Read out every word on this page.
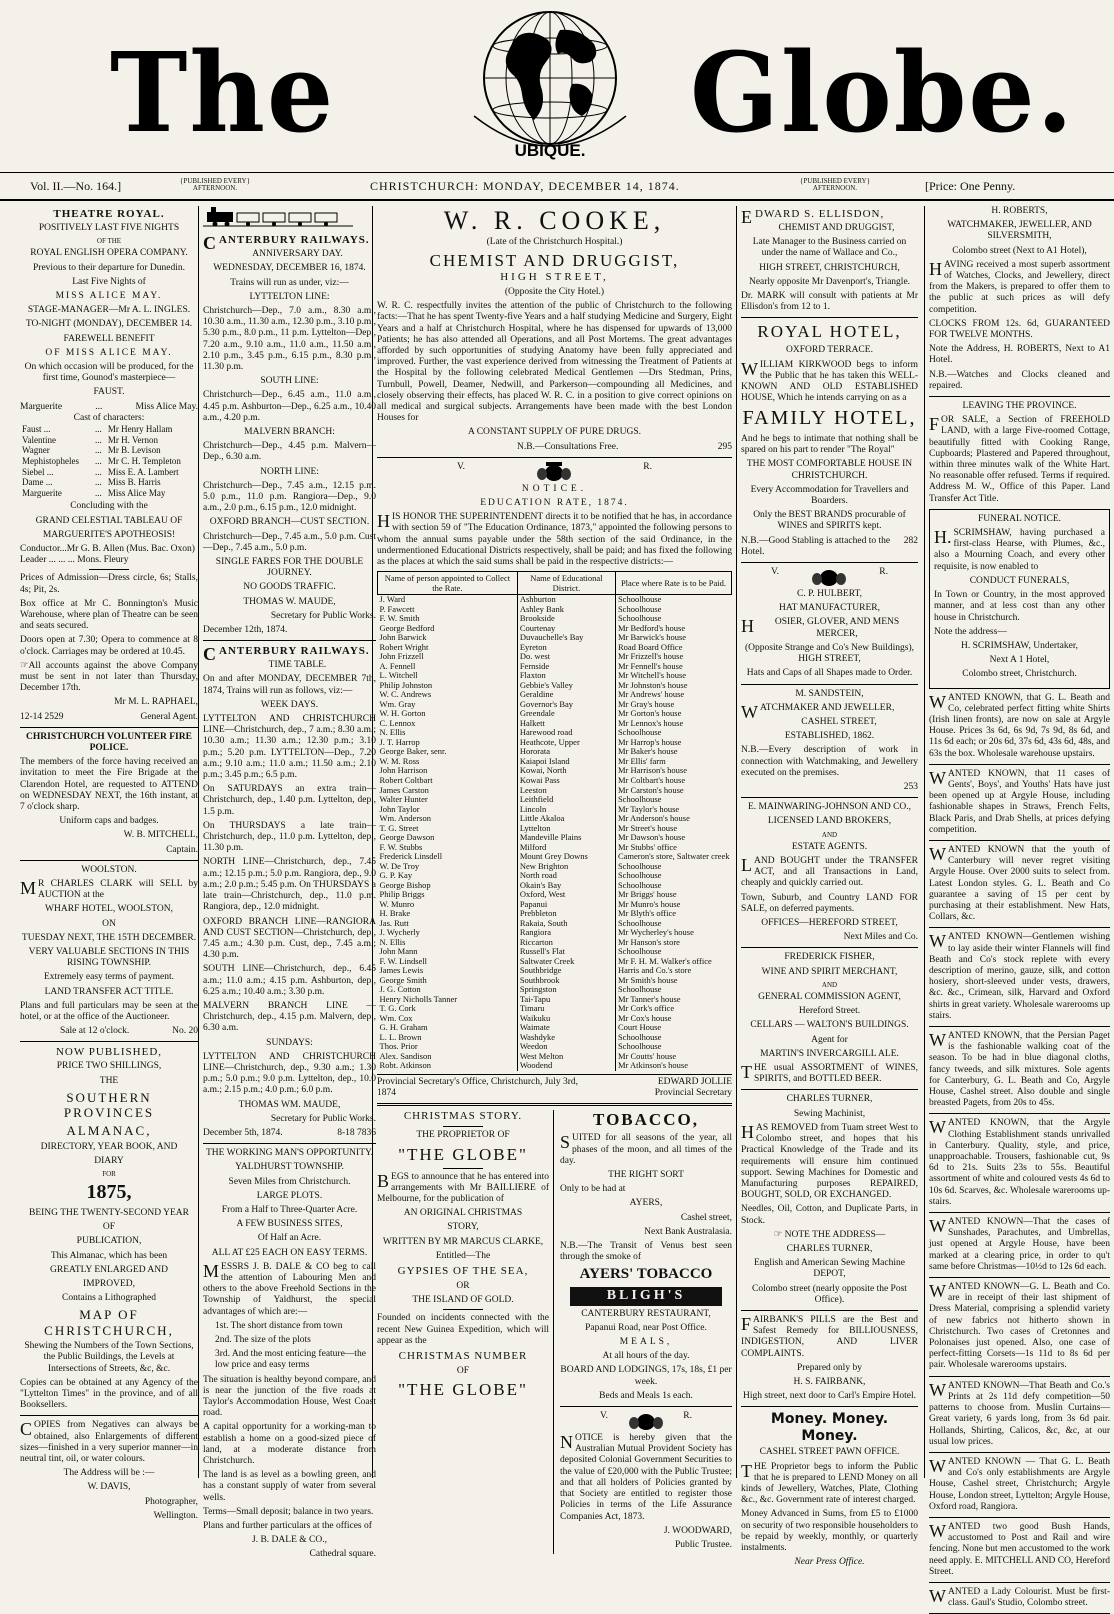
The	UBIQUE. Globe.
Vol. II.—No. 164.]	{PUBLISHED EVERY} AFTERNOON.	CHRISTCHURCH: MONDAY, DECEMBER 14, 1874.	{PUBLISHED EVERY} AFTERNOON.	[Price: One Penny.
THEATRE ROYAL.

POSITIVELY LAST FIVE NIGHTS

OF THE

ROYAL ENGLISH OPERA COMPANY.

Previous to their departure for Dunedin.

Last Five Nights of

MISS ALICE MAY.

STAGE-MANAGER—Mr A. L. INGLES.

TO-NIGHT (MONDAY), DECEMBER 14.

FAREWELL BENEFIT

OF MISS ALICE MAY.

On which occasion will be produced, for the first time, Gounod's masterpiece—

FAUST.

Marguerite	...	Miss Alice May.
Cast of characters:
Faust ...	...	Mr Henry Hallam
Valentine	...	Mr H. Vernon
Wagner	...	Mr B. Levison
Mephistopheles	...	Mr C. H. Templeton
Siebel ...	...	Miss E. A. Lambert
Dame ...	...	Miss B. Harris
Marguerite	...	Miss Alice May

Concluding with the

GRAND CELESTIAL TABLEAU OF

MARGUERITE'S APOTHEOSIS!

Conductor...Mr G. B. Allen (Mus. Bac. Oxon) Leader ... ... ... Mons. Fleury

Prices of Admission—Dress circle, 6s; Stalls, 4s; Pit, 2s.

Box office at Mr C. Bonnington's Music Warehouse, where plan of Theatre can be seen and seats secured.

Doors open at 7.30; Opera to commence at 8 o'clock. Carriages may be ordered at 10.45.

☞All accounts against the above Company must be sent in not later than Thursday, December 17th.

Mr M. L. RAPHAEL,

12-14 2529	General Agent.

CHRISTCHURCH VOLUNTEER FIRE POLICE.

The members of the force having received an invitation to meet the Fire Brigade at the Clarendon Hotel, are requested to ATTEND on WEDNESDAY NEXT, the 16th instant, at 7 o'clock sharp.

Uniform caps and badges.

W. B. MITCHELL,

Captain.

WOOLSTON.

MR CHARLES CLARK will SELL by AUCTION at the

WHARF HOTEL, WOOLSTON,

ON

TUESDAY NEXT, THE 15TH DECEMBER.

VERY VALUABLE SECTIONS IN THIS RISING TOWNSHIP.

Extremely easy terms of payment.

LAND TRANSFER ACT TITLE.

Plans and full particulars may be seen at the hotel, or at the office of the Auctioneer.

Sale at 12 o'clock.	No. 20

NOW PUBLISHED,

PRICE TWO SHILLINGS,

THE

SOUTHERN PROVINCES

ALMANAC,

DIRECTORY, YEAR BOOK, AND

DIARY

FOR

1875,

BEING THE TWENTY-SECOND YEAR

OF

PUBLICATION,

This Almanac, which has been

GREATLY ENLARGED AND

IMPROVED,

Contains a Lithographed

MAP OF CHRISTCHURCH,

Shewing the Numbers of the Town Sections, the Public Buildings, the Levels at Intersections of Streets, &c, &c.

Copies can be obtained at any Agency of the "Lyttelton Times" in the province, and of all Booksellers.

COPIES from Negatives can always be obtained, also Enlargements of different sizes—finished in a very superior manner—in neutral tint, oil, or water colours.

The Address will be :—

W. DAVIS,

Photographer,

Wellington.

CANTERBURY RAILWAYS.

ANNIVERSARY DAY.

WEDNESDAY, DECEMBER 16, 1874.

Trains will run as under, viz:—

LYTTELTON LINE:

Christchurch—Dep., 7.0 a.m., 8.30 a.m., 10.30 a.m., 11.30 a.m., 12.30 p.m., 3.10 p.m., 5.30 p.m., 8.0 p.m., 11 p.m. Lyttelton—Dep., 7.20 a.m., 9.10 a.m., 11.0 a.m., 11.50 a.m., 2.10 p.m., 3.45 p.m., 6.15 p.m., 8.30 p.m., 11.30 p.m.

SOUTH LINE:

Christchurch—Dep., 6.45 a.m., 11.0 a.m., 4.45 p.m. Ashburton—Dep., 6.25 a.m., 10.40 a.m., 4.20 p.m.

MALVERN BRANCH:

Christchurch—Dep., 4.45 p.m. Malvern—Dep., 6.30 a.m.

NORTH LINE:

Christchurch—Dep., 7.45 a.m., 12.15 p.m. 5.0 p.m., 11.0 p.m. Rangiora—Dep., 9.0 a.m., 2.0 p.m., 6.15 p.m., 12.0 midnight.

OXFORD BRANCH—CUST SECTION.

Christchurch—Dep., 7.45 a.m., 5.0 p.m. Cust—Dep., 7.45 a.m., 5.0 p.m.

SINGLE FARES FOR THE DOUBLE JOURNEY.

NO GOODS TRAFFIC.

THOMAS W. MAUDE,

Secretary for Public Works.

December 12th, 1874.

CANTERBURY RAILWAYS.

TIME TABLE.

On and after MONDAY, DECEMBER 7th, 1874, Trains will run as follows, viz:—

WEEK DAYS.

LYTTELTON AND CHRISTCHURCH LINE—Christchurch, dep., 7 a.m.; 8.30 a.m.; 10.30 a.m.; 11.30 a.m.; 12.30 p.m.; 3.10 p.m.; 5.20 p.m. LYTTELTON—Dep., 7.20 a.m.; 9.10 a.m.; 11.0 a.m.; 11.50 a.m.; 2.10 p.m.; 3.45 p.m.; 6.5 p.m.

On SATURDAYS an extra train—Christchurch, dep., 1.40 p.m. Lyttelton, dep., 1.5 p.m.

On THURSDAYS a late train—Christchurch, dep., 11.0 p.m. Lyttelton, dep., 11.30 p.m.

NORTH LINE—Christchurch, dep., 7.45 a.m.; 12.15 p.m.; 5.0 p.m. Rangiora, dep., 9.0 a.m.; 2.0 p.m.; 5.45 p.m. On THURSDAYS a late train—Christchurch, dep., 11.0 p.m. Rangiora, dep., 12.0 midnight.

OXFORD BRANCH LINE—RANGIORA AND CUST SECTION—Christchurch, dep., 7.45 a.m.; 4.30 p.m. Cust, dep., 7.45 a.m.; 4.30 p.m.

SOUTH LINE—Christchurch, dep., 6.45 a.m.; 11.0 a.m.; 4.15 p.m. Ashburton, dep., 6.25 a.m.; 10.40 a.m.; 3.30 p.m.

MALVERN BRANCH LINE — Christchurch, dep., 4.15 p.m. Malvern, dep., 6.30 a.m.

SUNDAYS:

LYTTELTON AND CHRISTCHURCH LINE—Christchurch, dep., 9.30 a.m.; 1.30 p.m.; 5.0 p.m.; 9.0 p.m. Lyttelton, dep., 10.0 a.m.; 2.15 p.m.; 4.0 p.m.; 6.0 p.m.

THOMAS WM. MAUDE,

Secretary for Public Works.

December 5th, 1874.	8-18 7836

THE WORKING MAN'S OPPORTUNITY.

YALDHURST TOWNSHIP.

Seven Miles from Christchurch.

LARGE PLOTS.

From a Half to Three-Quarter Acre.

A FEW BUSINESS SITES,

Of Half an Acre.

ALL AT £25 EACH ON EASY TERMS.

MESSRS J. B. DALE & CO beg to call the attention of Labouring Men and others to the above Freehold Sections in the Township of Yaldhurst, the special advantages of which are:—

1st. The short distance from town

2nd. The size of the plots

3rd. And the most enticing feature—the low price and easy terms

The situation is healthy beyond compare, and is near the junction of the five roads at Taylor's Accommodation House, West Coast road.

A capital opportunity for a working-man to establish a home on a good-sized piece of land, at a moderate distance from Christchurch.

The land is as level as a bowling green, and has a constant supply of water from several wells.

Terms—Small deposit; balance in two years.

Plans and further particulars at the offices of

J. B. DALE & CO.,

Cathedral square.

W. R. COOKE,

(Late of the Christchurch Hospital.)

CHEMIST AND DRUGGIST,

HIGH STREET,

(Opposite the City Hotel.)

W. R. C. respectfully invites the attention of the public of Christchurch to the following facts:—That he has spent Twenty-five Years and a half studying Medicine and Surgery, Eight Years and a half at Christchurch Hospital, where he has dispensed for upwards of 13,000 Patients; he has also attended all Operations, and all Post Mortems. The great advantages afforded by such opportunities of studying Anatomy have been fully appreciated and improved. Further, the vast experience derived from witnessing the Treatment of Patients at the Hospital by the following celebrated Medical Gentlemen —Drs Stedman, Prins, Turnbull, Powell, Deamer, Nedwill, and Parkerson—compounding all Medicines, and closely observing their effects, has placed W. R. C. in a position to give correct opinions on all medical and surgical subjects. Arrangements have been made with the best London Houses for

A CONSTANT SUPPLY OF PURE DRUGS.

N.B.—Consultations Free.	295
V.	R.

NOTICE.

EDUCATION RATE, 1874.

HIS HONOR THE SUPERINTENDENT directs it to be notified that he has, in accordance with section 59 of "The Education Ordinance, 1873," appointed the following persons to whom the annual sums payable under the 58th section of the said Ordinance, in the undermentioned Educational Districts respectively, shall be paid; and has fixed the following as the places at which the said sums shall be paid in the respective districts:—

Name of person appointed to Collect the Rate.	Name of Educational District.	Place where Rate is to be Paid.
J. Ward	Ashburton	Schoolhouse
P. Fawcett	Ashley Bank	Schoolhouse
F. W. Smith	Brookside	Schoolhouse
George Bedford	Courtenay	Mr Bedford's house
John Barwick	Duvauchelle's Bay	Mr Barwick's house
Robert Wright	Eyreton	Road Board Office
John Frizzell	Do. west	Mr Frizzell's house
A. Fennell	Fernside	Mr Fennell's house
L. Witchell	Flaxton	Mr Witchell's house
Philip Johnston	Gebbie's Valley	Mr Johnston's house
W. C. Andrews	Geraldine	Mr Andrews' house
Wm. Gray	Governor's Bay	Mr Gray's house
W. H. Gorton	Greendale	Mr Gorton's house
C. Lennox	Halkett	Mr Lennox's house
N. Ellis	Harewood road	Schoolhouse
J. T. Harrop	Heathcote, Upper	Mr Harrop's house
George Baker, senr.	Hororata	Mr Baker's house
W. M. Ross	Kaiapoi Island	Mr Ellis' farm
John Harrison	Kowai, North	Mr Harrison's house
Robert Coltbart	Kowai Pass	Mr Coltbart's house
James Carston	Leeston	Mr Carston's house
Walter Hunter	Leithfield	Schoolhouse
John Taylor	Lincoln	Mr Taylor's house
Wm. Anderson	Little Akaloa	Mr Anderson's house
T. G. Street	Lyttelton	Mr Street's house
George Dawson	Mandeville Plains	Mr Dawson's house
F. W. Stubbs	Milford	Mr Stubbs' office
Frederick Linsdell	Mount Grey Downs	Cameron's store, Saltwater creek
W. De Troy	New Brighton	Schoolhouse
G. P. Kay	North road	Schoolhouse
George Bishop	Okain's Bay	Schoolhouse
Philip Briggs	Oxford, West	Mr Briggs' house
W. Munro	Papanui	Mr Munro's house
H. Brake	Prebbleton	Mr Blyth's office
Jas. Rutt	Rakaia, South	Schoolhouse
J. Wycherly	Rangiora	Mr Wycherley's house
N. Ellis	Riccarton	Mr Hanson's store
John Mann	Russell's Flat	Schoolhouse
F. W. Lindsell	Saltwater Creek	Mr F. H. M. Walker's office
James Lewis	Southbridge	Harris and Co.'s store
George Smith	Southbrook	Mr Smith's house
J. G. Cotton	Springston	Schoolhouse
Henry Nicholls Tanner	Tai-Tapu	Mr Tanner's house
T. G. Cork	Timaru	Mr Cork's office
Wm. Cox	Waikuku	Mr Cox's house
G. H. Graham	Waimate	Court House
L. L. Brown	Washdyke	Schoolhouse
Thos. Prior	Weedon	Schoolhouse
Alex. Sandison	West Melton	Mr Coutts' house
Robt. Atkinson	Woodend	Mr Atkinson's house
Provincial Secretary's Office, Christchurch, July 3rd, 1874
EDWARD JOLLIE
Provincial Secretary

CHRISTMAS STORY.

THE PROPRIETOR OF

"THE GLOBE"

BEGS to announce that he has entered into arrangements with Mr BAILLIERE of Melbourne, for the publication of

AN ORIGINAL CHRISTMAS

STORY,

WRITTEN BY MR MARCUS CLARKE,

Entitled—The

GYPSIES OF THE SEA,

OR

THE ISLAND OF GOLD.

Founded on incidents connected with the recent New Guinea Expedition, which will appear as the

CHRISTMAS NUMBER

OF

"THE GLOBE"

TOBACCO,

SUITED for all seasons of the year, all phases of the moon, and all times of the day.

THE RIGHT SORT

Only to be had at

AYERS,

Cashel street,

Next Bank Australasia.

N.B.—The Transit of Venus best seen through the smoke of

AYERS' TOBACCO

BLIGH'S

CANTERBURY RESTAURANT,

Papanui Road, near Post Office.

MEALS,

At all hours of the day.

BOARD AND LODGINGS, 17s, 18s, £1 per week.

Beds and Meals 1s each.

V.	R.

NOTICE is hereby given that the Australian Mutual Provident Society has deposited Colonial Government Securities to the value of £20,000 with the Public Trustee; and that all holders of Policies granted by that Society are entitled to register those Policies in terms of the Life Assurance Companies Act, 1873.

J. WOODWARD,

Public Trustee.

EDWARD S. ELLISDON,

CHEMIST AND DRUGGIST,

Late Manager to the Business carried on under the name of Wallace and Co.,

HIGH STREET, CHRISTCHURCH,

Nearly opposite Mr Davenport's, Triangle.

Dr. MARK will consult with patients at Mr Ellisdon's from 12 to 1.

ROYAL HOTEL,

OXFORD TERRACE.

WILLIAM KIRKWOOD begs to inform the Public that he has taken this WELL-KNOWN AND OLD ESTABLISHED HOUSE, Which he intends carrying on as a

FAMILY HOTEL,

And he begs to intimate that nothing shall be spared on his part to render "The Royal"

THE MOST COMFORTABLE HOUSE IN CHRISTCHURCH.

Every Accommodation for Travellers and Boarders.

Only the BEST BRANDS procurable of WINES and SPIRITS kept.

N.B.—Good Stabling is attached to the Hotel.
282
V.	R.

C. P. HULBERT,

HAT MANUFACTURER,

HOSIER, GLOVER, AND MENS MERCER,

(Opposite Strange and Co's New Buildings), HIGH STREET,

Hats and Caps of all Shapes made to Order.

M. SANDSTEIN,

WATCHMAKER AND JEWELLER,

CASHEL STREET,

ESTABLISHED, 1862.

N.B.—Every description of work in connection with Watchmaking, and Jewellery executed on the premises.

253

E. MAINWARING-JOHNSON AND CO.,

LICENSED LAND BROKERS,

AND

ESTATE AGENTS.

LAND BOUGHT under the TRANSFER ACT, and all Transactions in Land, cheaply and quickly carried out.

Town, Suburb, and Country LAND FOR SALE, on deferred payments.

OFFICES—HEREFORD STREET,

Next Miles and Co.

FREDERICK FISHER,

WINE AND SPIRIT MERCHANT,

AND

GENERAL COMMISSION AGENT,

Hereford Street.

CELLARS — WALTON'S BUILDINGS.

Agent for

MARTIN'S INVERCARGILL ALE.

THE usual ASSORTMENT of WINES, SPIRITS, and BOTTLED BEER.

CHARLES TURNER,

Sewing Machinist,

HAS REMOVED from Tuam street West to Colombo street, and hopes that his Practical Knowledge of the Trade and its requirements will ensure him continued support. Sewing Machines for Domestic and Manufacturing purposes REPAIRED, BOUGHT, SOLD, OR EXCHANGED.

Needles, Oil, Cotton, and Duplicate Parts, in Stock.

☞ NOTE THE ADDRESS—

CHARLES TURNER,

English and American Sewing Machine DEPOT,

Colombo street (nearly opposite the Post Office).

FAIRBANK'S PILLS are the Best and Safest Remedy for BILLIOUSNESS, INDIGESTION, AND LIVER COMPLAINTS.

Prepared only by

H. S. FAIRBANK,

High street, next door to Carl's Empire Hotel.

Money. Money. Money.

CASHEL STREET PAWN OFFICE.

THE Proprietor begs to inform the Public that he is prepared to LEND Money on all kinds of Jewellery, Watches, Plate, Clothing &c., &c. Government rate of interest charged.

Money Advanced in Sums, from £5 to £1000 on security of two responsible householders to be repaid by weekly, monthly, or quarterly instalments.

Near Press Office.

H. ROBERTS,

WATCHMAKER, JEWELLER, AND SILVERSMITH,

Colombo street (Next to A1 Hotel),

HAVING received a most superb assortment of Watches, Clocks, and Jewellery, direct from the Makers, is prepared to offer them to the public at such prices as will defy competition.

CLOCKS FROM 12s. 6d, GUARANTEED FOR TWELVE MONTHS.

Note the Address, H. ROBERTS, Next to A1 Hotel.

N.B.—Watches and Clocks cleaned and repaired.

LEAVING THE PROVINCE.

FOR SALE, a Section of FREEHOLD LAND, with a large Five-roomed Cottage, beautifully fitted with Cooking Range, Cupboards; Plastered and Papered throughout, within three minutes walk of the White Hart. No reasonable offer refused. Terms if required. Address M. W., Office of this Paper. Land Transfer Act Title.

FUNERAL NOTICE.

H.SCRIMSHAW, having purchased a first-class Hearse, with Plumes, &c., also a Mourning Coach, and every other requisite, is now enabled to

CONDUCT FUNERALS,

In Town or Country, in the most approved manner, and at less cost than any other house in Christchurch.

Note the address—

H. SCRIMSHAW, Undertaker,

Next A 1 Hotel,

Colombo street, Christchurch.

WANTED KNOWN, that G. L. Beath and Co, celebrated perfect fitting white Shirts (Irish linen fronts), are now on sale at Argyle House. Prices 3s 6d, 6s 9d, 7s 9d, 8s 6d, and 11s 6d each; or 20s 6d, 37s 6d, 43s 6d, 48s, and 63s the box. Wholesale warehouse upstairs.

WANTED KNOWN, that 11 cases of Gents', Boys', and Youths' Hats have just been opened up at Argyle House, including fashionable shapes in Straws, French Felts, Black Paris, and Drab Shells, at prices defying competition.

WANTED KNOWN that the youth of Canterbury will never regret visiting Argyle House. Over 2000 suits to select from. Latest London styles. G. L. Beath and Co guarantee a saving of 15 per cent by purchasing at their establishment. New Hats, Collars, &c.

WANTED KNOWN—Gentlemen wishing to lay aside their winter Flannels will find Beath and Co's stock replete with every description of merino, gauze, silk, and cotton hosiery, short-sleeved under vests, drawers, &c. &c., Crimean, silk, Harvard and Oxford shirts in great variety. Wholesale warerooms up stairs.

WANTED KNOWN, that the Persian Paget is the fashionable walking coat of the season. To be had in blue diagonal cloths, fancy tweeds, and silk mixtures. Sole agents for Canterbury, G. L. Beath and Co, Argyle House, Cashel street. Also double and single breasted Pagets, from 20s to 45s.

WANTED KNOWN, that the Argyle Clothing Establishment stands unrivalled in Canterbury. Quality, style, and price, unapproachable. Trousers, fashionable cut, 9s 6d to 21s. Suits 23s to 55s. Beautiful assortment of white and coloured vests 4s 6d to 10s 6d. Scarves, &c. Wholesale warerooms up-stairs.

WANTED KNOWN—That the cases of Sunshades, Parachutes, and Umbrellas, just opened at Argyle House, have been marked at a clearing price, in order to qu't same before Christmas—10½d to 12s 6d each.

WANTED KNOWN—G. L. Beath and Co. are in receipt of their last shipment of Dress Material, comprising a splendid variety of new fabrics not hitherto shown in Christchurch. Two cases of Cretonnes and Polonaises just opened. Also, one case of perfect-fitting Corsets—1s 11d to 8s 6d per pair. Wholesale warerooms upstairs.

WANTED KNOWN—That Beath and Co.'s Prints at 2s 11d defy competition—50 patterns to choose from. Muslin Curtains—Great variety, 6 yards long, from 3s 6d pair. Hollands, Shirting, Calicos, &c, &c, at our usual low prices.

WANTED KNOWN — That G. L. Beath and Co's only establishments are Argyle House, Cashel street, Christchurch; Argyle House, London street, Lyttelton; Argyle House, Oxford road, Rangiora.

WANTED two good Bush Hands, accustomed to Post and Rail and wire fencing. None but men accustomed to the work need apply. E. MITCHELL AND CO, Hereford Street.

WANTED a Lady Colourist. Must be first-class. Gaul's Studio, Colombo street.
